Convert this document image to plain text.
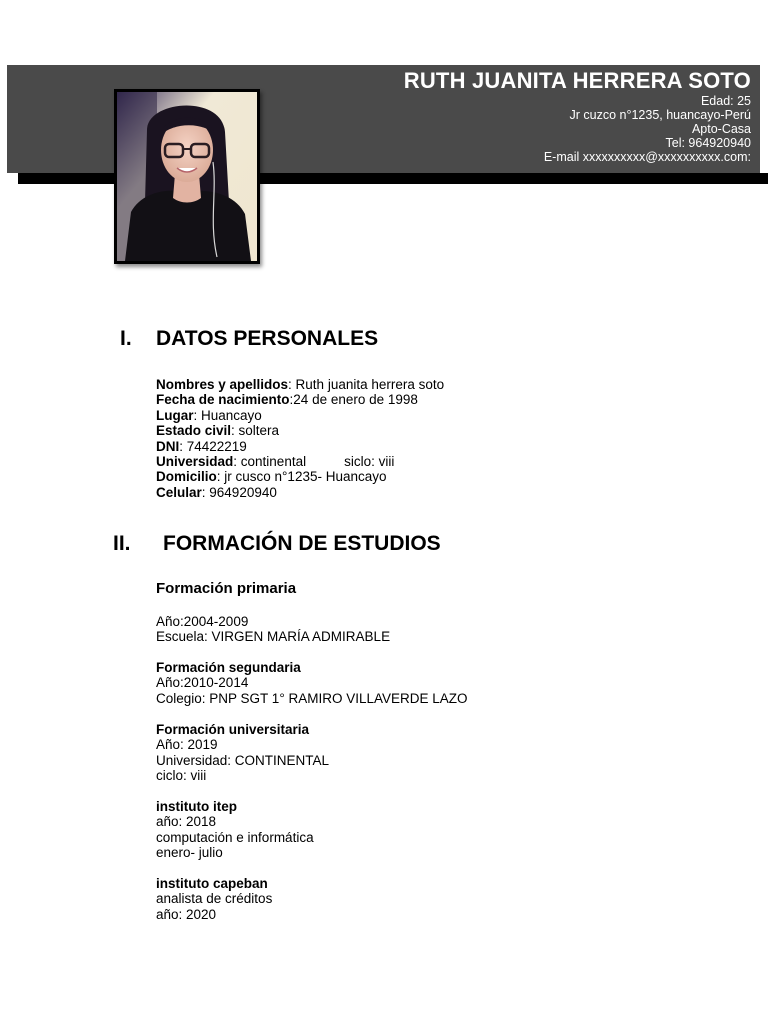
RUTH JUANITA HERRERA SOTO
Edad: 25
Jr cuzco n°1235, huancayo-Perú
Apto-Casa
Tel: 964920940
E-mail xxxxxxxxxx@xxxxxxxxxx.com:
I. DATOS PERSONALES
Nombres y apellidos: Ruth juanita herrera soto
Fecha de nacimiento:24 de enero de 1998
Lugar: Huancayo
Estado civil: soltera
DNI: 74422219
Universidad: continental	siclo: viii
Domicilio: jr cusco n°1235- Huancayo
Celular: 964920940
II. FORMACIÓN DE ESTUDIOS
Formación primaria
Año:2004-2009
Escuela: VIRGEN MARÍA ADMIRABLE
Formación segundaria
Año:2010-2014
Colegio: PNP SGT 1° RAMIRO VILLAVERDE LAZO
Formación universitaria
Año: 2019
Universidad: CONTINENTAL
ciclo: viii
instituto itep
año: 2018
computación e informática
enero- julio
instituto capeban
analista de créditos
año: 2020
